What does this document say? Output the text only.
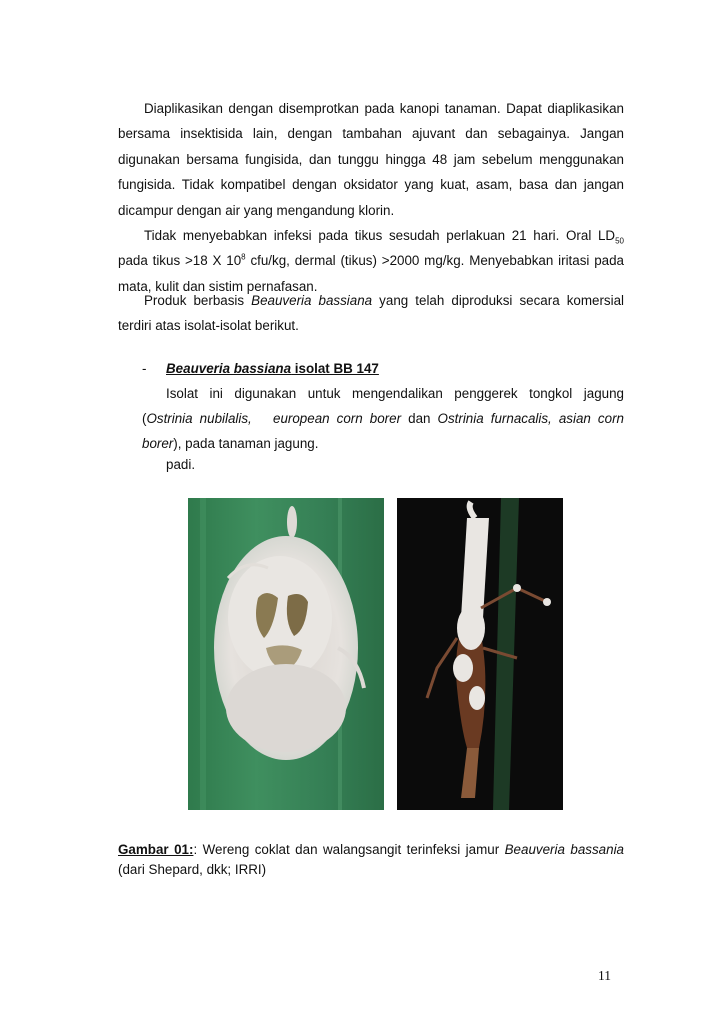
Diaplikasikan dengan disemprotkan pada kanopi tanaman. Dapat diaplikasikan
bersama insektisida lain, dengan tambahan ajuvant dan sebagainya. Jangan
digunakan bersama fungisida, dan tunggu hingga 48 jam sebelum menggunakan
fungisida. Tidak kompatibel dengan oksidator yang kuat, asam, basa dan jangan
dicampur dengan air yang mengandung klorin.
Tidak menyebabkan infeksi pada tikus sesudah perlakuan 21 hari. Oral $LD_{50}$
pada tikus >18 X $10^8$ cfu/kg, dermal (tikus) >2000 mg/kg. Menyebabkan iritasi pada
mata, kulit dan sistim pernafasan.
Produk berbasis Beauveria bassiana yang telah diproduksi secara komersial
terdiri atas isolat-isolat berikut.
- Beauveria bassiana isolat BB 147
Isolat ini digunakan untuk mengendalikan penggerek tongkol jagung
(Ostrinia nubilalis, european corn borer dan Ostrinia furnacalis, asian corn
borer), pada tanaman jagung.
padi.
Gambar 01:: Wereng coklat dan walangsangit terinfeksi jamur Beauveria bassania
(dari Shepard, dkk; IRRI)
11
